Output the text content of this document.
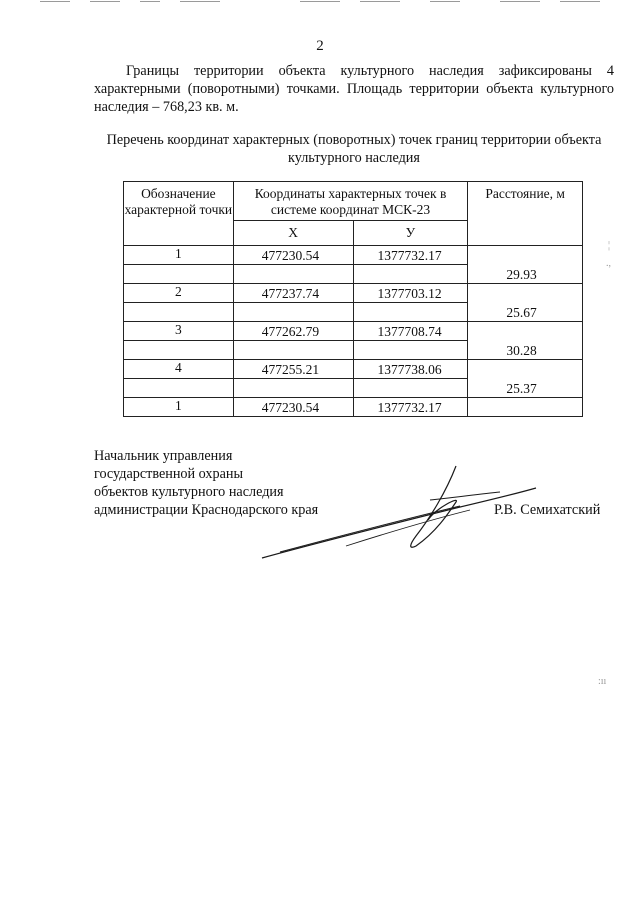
2

Границы территории объекта культурного наследия зафиксированы 4 характерными (поворотными) точками. Площадь территории объекта культурного наследия – 768,23 кв. м.

Перечень координат характерных (поворотных) точек границ территории объекта культурного наследия
Обозначение характерной точки	Координаты характерных точек в системе координат МСК-23		Расстояние, м
	Х	У	
1	477230.54	1377732.17	29.93

2	477237.74	1377703.12	25.67

3	477262.79	1377708.74	30.28

4	477255.21	1377738.06	25.37

1	477230.54	1377732.17	
Начальник управления
государственной охраны
объектов культурного наследия
администрации Краснодарского края	Р.В. Семихатский
¦
.,
:ıı
